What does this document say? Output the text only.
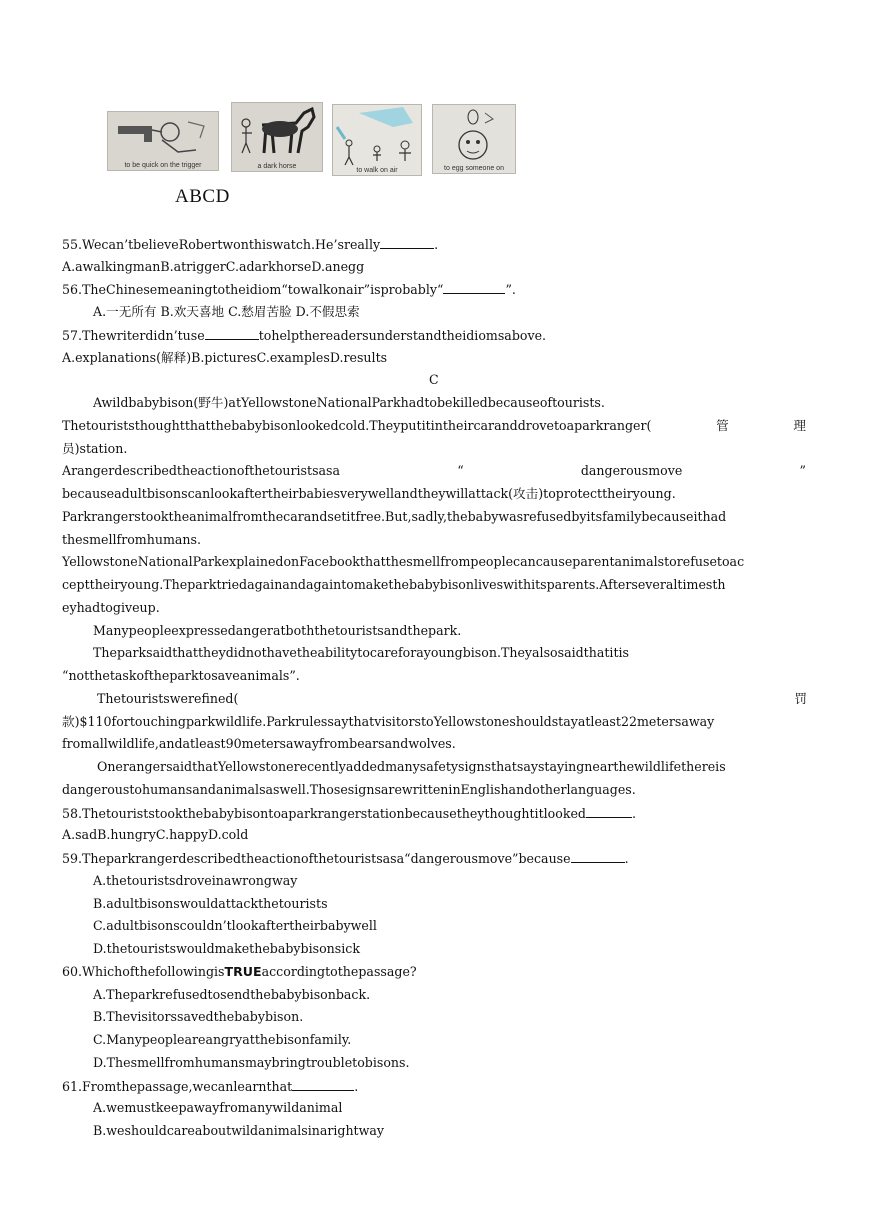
to be quick on the trigger	a dark horse
to walk on air	to egg someone on
ABCD
55.Wecan’tbelieveRobertwonthiswatch.He’sreally	.
A.awalkingmanB.atriggerC.adarkhorseD.anegg
56.TheChinesemeaningtotheidiom“towalkonair”isprobably“	”.
A.一无所有 B.欢天喜地 C.愁眉苦脸 D.不假思索
57.Thewriterdidn’tuse	tohelpthereadersunderstandtheidiomsabove.
A.explanations(解释)B.picturesC.examplesD.results
C
Awildbabybison(野牛)atYellowstoneNationalParkhadtobekilledbecauseoftourists.
Thetouriststhoughtthatthebabybisonlookedcold.Theyputitintheircaranddrovetoaparkranger(	管	理
员)station.
Arangerdescribedtheactionofthetouristsasa	“	dangerousmove	”
becauseadultbisonscanlookaftertheirbabiesverywellandtheywillattack(攻击)toprotecttheiryoung.
Parkrangerstooktheanimalfromthecarandsetitfree.But,sadly,thebabywasrefusedbyitsfamilybecauseithad
thesmellfromhumans.
YellowstoneNationalParkexplainedonFacebookthatthesmellfrompeoplecancauseparentanimalstorefusetoac
cepttheiryoung.Theparktriedagainandagaintomakethebabybisonliveswithitsparents.Afterseveraltimesth
eyhadtogiveup.
Manypeopleexpressedangeratboththetouristsandthepark.
Theparksaidthattheydidnothavetheabilitytocareforayoungbison.Theyalsosaidthatitis
“notthetaskoftheparktosaveanimals”.
Thetouristswerefined(	罚
款)$110fortouchingparkwildlife.ParkrulessaythatvisitorstoYellowstoneshouldstayatleast22metersaway
fromallwildlife,andatleast90metersawayfrombearsandwolves.
OnerangersaidthatYellowstonerecentlyaddedmanysafetysignsthatsaystayingnearthewildlifethereis
dangeroustohumansandanimalsaswell.ThosesignsarewritteninEnglishandotherlanguages.
58.Thetouriststookthebabybisontoaparkrangerstationbecausetheythoughtitlooked	.
A.sadB.hungryC.happyD.cold
59.Theparkrangerdescribedtheactionofthetouristsasa“dangerousmove”because	.
A.thetouristsdroveinawrongway
B.adultbisonswouldattackthetourists
C.adultbisonscouldn’tlookaftertheirbabywell
D.thetouristswouldmakethebabybisonsick
60.WhichofthefollowingisTRUEaccordingtothepassage?
A.Theparkrefusedtosendthebabybisonback.
B.Thevisitorssavedthebabybison.
C.Manypeopleareangryatthebisonfamily.
D.Thesmellfromhumansmaybringtroubletobisons.
61.Fromthepassage,wecanlearnthat	.
A.wemustkeepawayfromanywildanimal
B.weshouldcareaboutwildanimalsinarightway
